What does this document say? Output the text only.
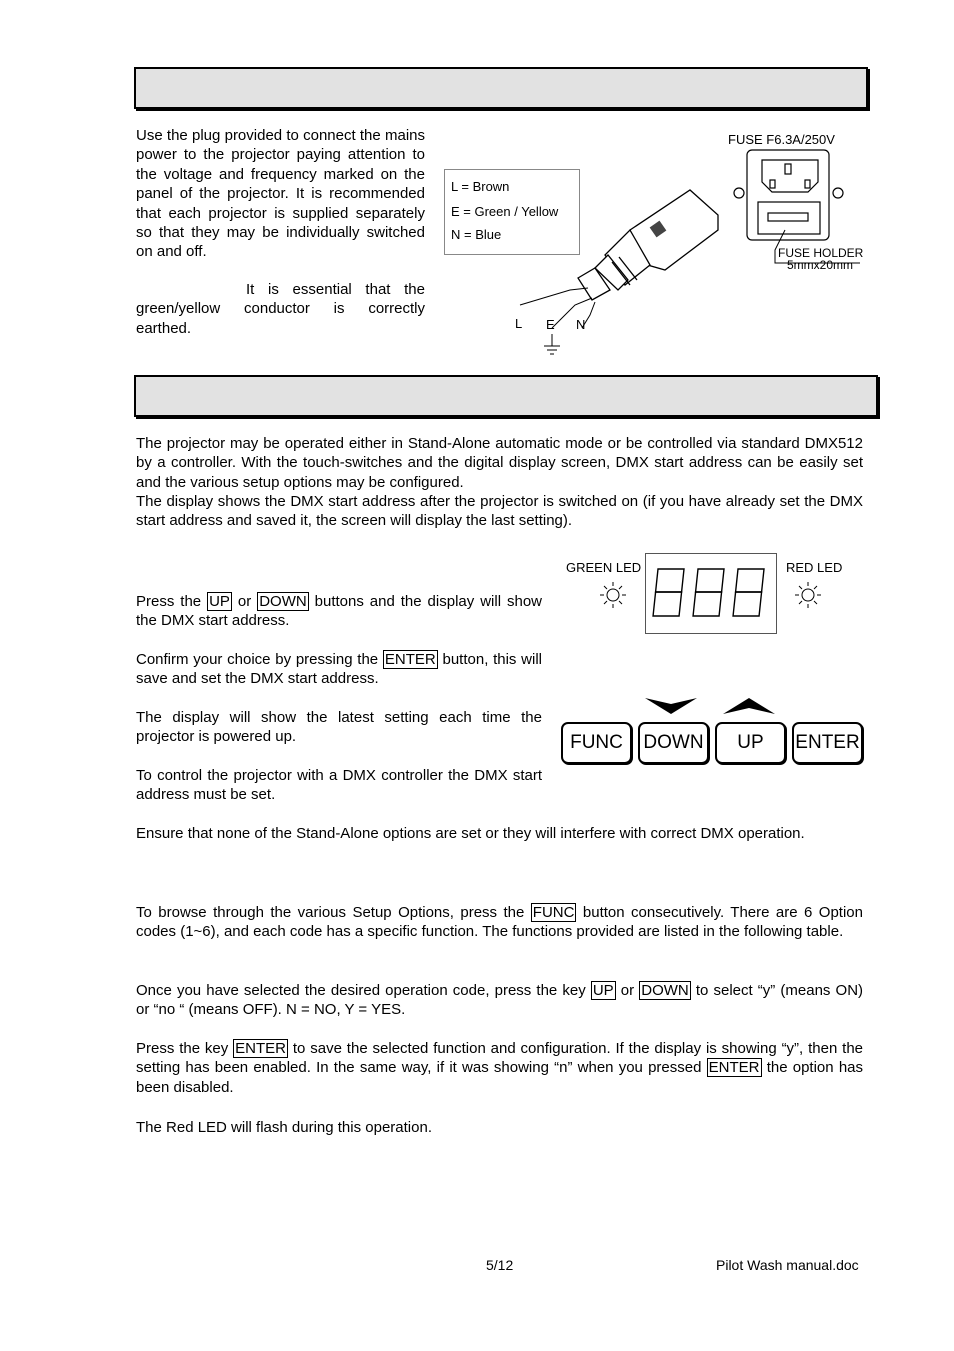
Use the plug provided to connect the mains power to the projector paying attention to the voltage and frequency marked on the panel of the projector. It is recommended that each projector is supplied separately so that they may be individually switched on and off.

It is essential that the green/yellow conductor is correctly earthed.

L = Brown
E = Green / Yellow
N = Blue
L E N
FUSE F6.3A/250V
FUSE HOLDER
5mmx20mm

The projector may be operated either in Stand-Alone automatic mode or be controlled via standard DMX512 by a controller. With the touch-switches and the digital display screen, DMX start address can be easily set and the various setup options may be configured.

The display shows the DMX start address after the projector is switched on (if you have already set the DMX start address and saved it, the screen will display the last setting).

Press the UP or DOWN buttons and the display will show the DMX start address.

Confirm your choice by pressing the ENTER button, this will save and set the DMX start address.

The display will show the latest setting each time the projector is powered up.

To control the projector with a DMX controller the DMX start address must be set.

Ensure that none of the Stand-Alone options are set or they will interfere with correct DMX operation.

GREEN LED	RED LED
FUNC	DOWN	UP	ENTER

To browse through the various Setup Options, press the FUNC button consecutively. There are 6 Option codes (1~6), and each code has a specific function. The functions provided are listed in the following table.

Once you have selected the desired operation code, press the key UP or DOWN to select “y” (means ON) or “no “ (means OFF). N = NO, Y = YES.

Press the key ENTER to save the selected function and configuration. If the display is showing “y”, then the setting has been enabled. In the same way, if it was showing “n” when you pressed ENTER the option has been disabled.

The Red LED will flash during this operation.

5/12	Pilot Wash manual.doc
